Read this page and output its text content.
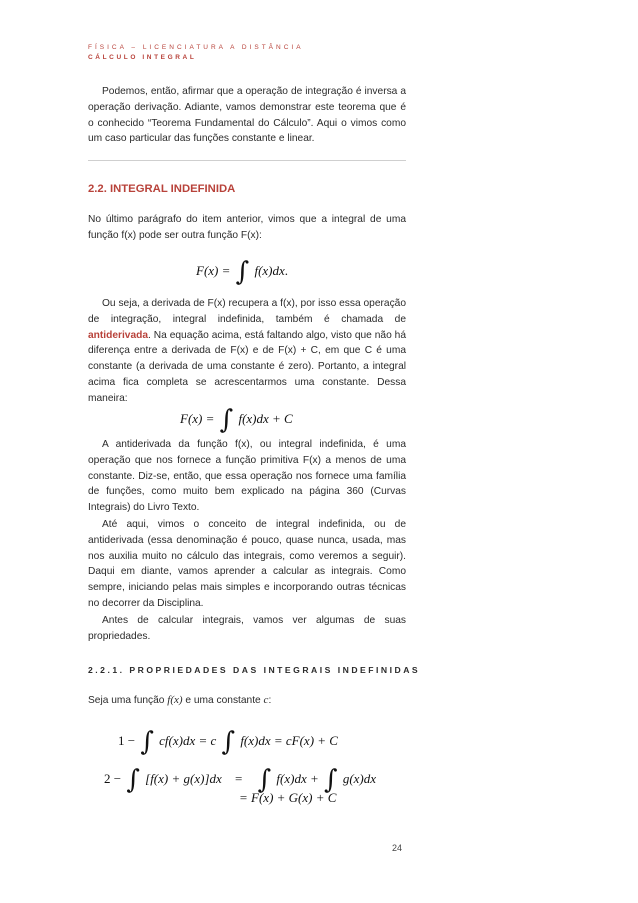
FÍSICA – LICENCIATURA A DISTÂNCIA
CÁLCULO INTEGRAL

Podemos, então, afirmar que a operação de integração é inversa a operação derivação. Adiante, vamos demonstrar este teorema que é o conhecido “Teorema Fundamental do Cálculo”. Aqui o vimos como um caso particular das funções constante e linear.

2.2. INTEGRAL INDEFINIDA

No último parágrafo do item anterior, vimos que a integral de uma função f(x) pode ser outra função F(x):

F(x) = ∫ f(x)dx.

Ou seja, a derivada de F(x) recupera a f(x), por isso essa operação de integração, integral indefinida, também é chamada de antiderivada. Na equação acima, está faltando algo, visto que não há diferença entre a derivada de F(x) e de F(x) + C, em que C é uma constante (a derivada de uma constante é zero). Portanto, a integral acima fica completa se acrescentarmos uma constante. Dessa maneira:

F(x) = ∫ f(x)dx + C

A antiderivada da função f(x), ou integral indefinida, é uma operação que nos fornece a função primitiva F(x) a menos de uma constante. Diz-se, então, que essa operação nos fornece uma família de funções, como muito bem explicado na página 360 (Curvas Integrais) do Livro Texto.

Até aqui, vimos o conceito de integral indefinida, ou de antiderivada (essa denominação é pouco, quase nunca, usada, mas nos auxilia muito no cálculo das integrais, como veremos a seguir). Daqui em diante, vamos aprender a calcular as integrais. Como sempre, iniciando pelas mais simples e incorporando outras técnicas no decorrer da Disciplina.

Antes de calcular integrais, vamos ver algumas de suas propriedades.

2.2.1. PROPRIEDADES DAS INTEGRAIS INDEFINIDAS

Seja uma função f(x) e uma constante c:

1 − ∫ cf(x)dx = c ∫ f(x)dx = cF(x) + C
2 − ∫ [f(x) + g(x)]dx = ∫ f(x)dx + ∫ g(x)dx
= F(x) + G(x) + C
24
